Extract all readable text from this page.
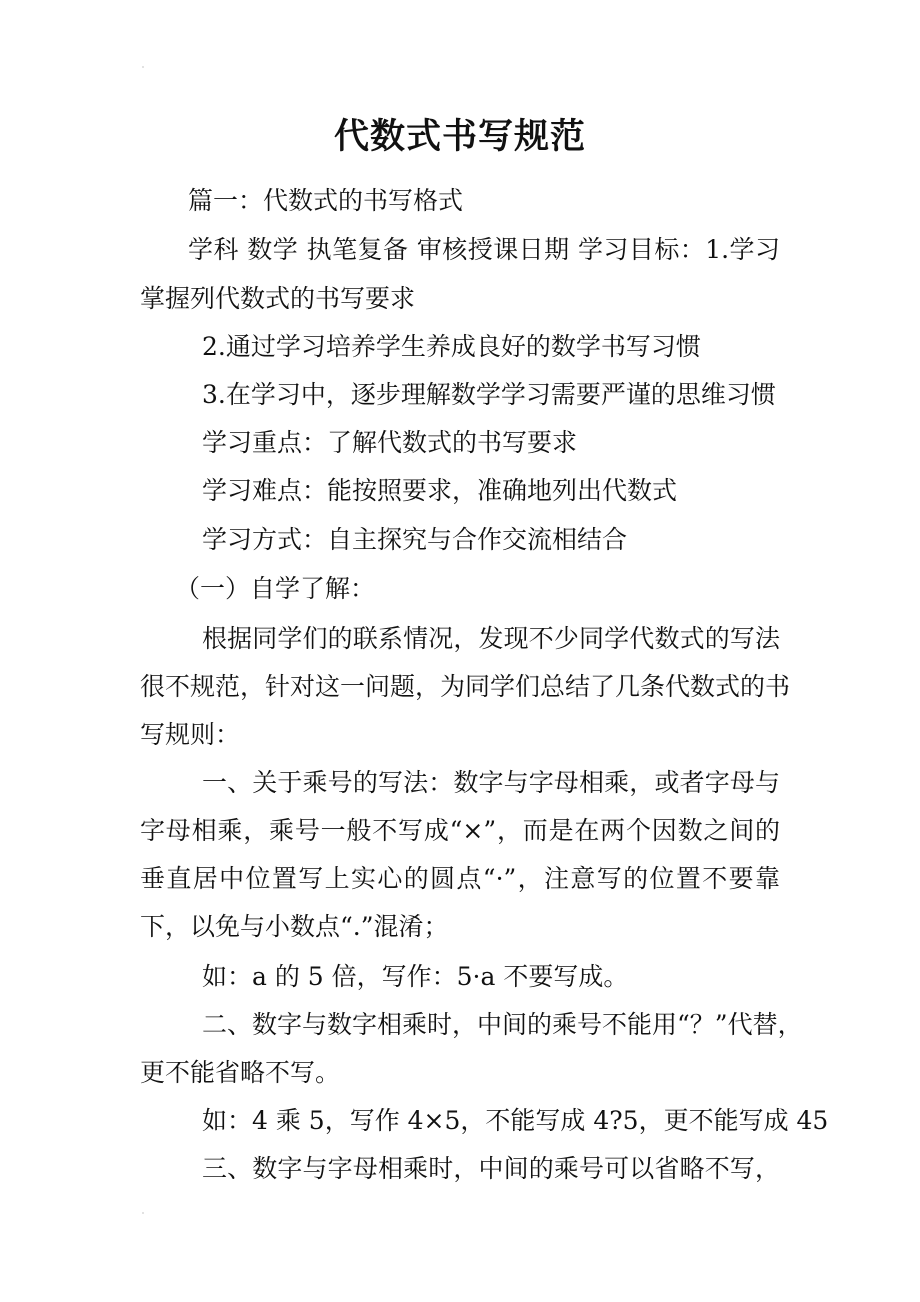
代数式书写规范
篇一：代数式的书写格式
学科 数学 执笔复备 审核授课日期 学习目标：1.学习
掌握列代数式的书写要求
2.通过学习培养学生养成良好的数学书写习惯
3.在学习中，逐步理解数学学习需要严谨的思维习惯
学习重点：了解代数式的书写要求
学习难点：能按照要求，准确地列出代数式
学习方式：自主探究与合作交流相结合
（一）自学了解：
根据同学们的联系情况，发现不少同学代数式的写法
很不规范，针对这一问题，为同学们总结了几条代数式的书
写规则：
一、关于乘号的写法：数字与字母相乘，或者字母与
字母相乘，乘号一般不写成“×”，而是在两个因数之间的
垂直居中位置写上实心的圆点“·”，注意写的位置不要靠
下，以免与小数点“.”混淆；
如：a 的 5 倍，写作：5·a 不要写成。
二、数字与数字相乘时，中间的乘号不能用“？”代替，
更不能省略不写。
如：4 乘 5，写作 4×5，不能写成 4?5，更不能写成 45
三、数字与字母相乘时，中间的乘号可以省略不写，
